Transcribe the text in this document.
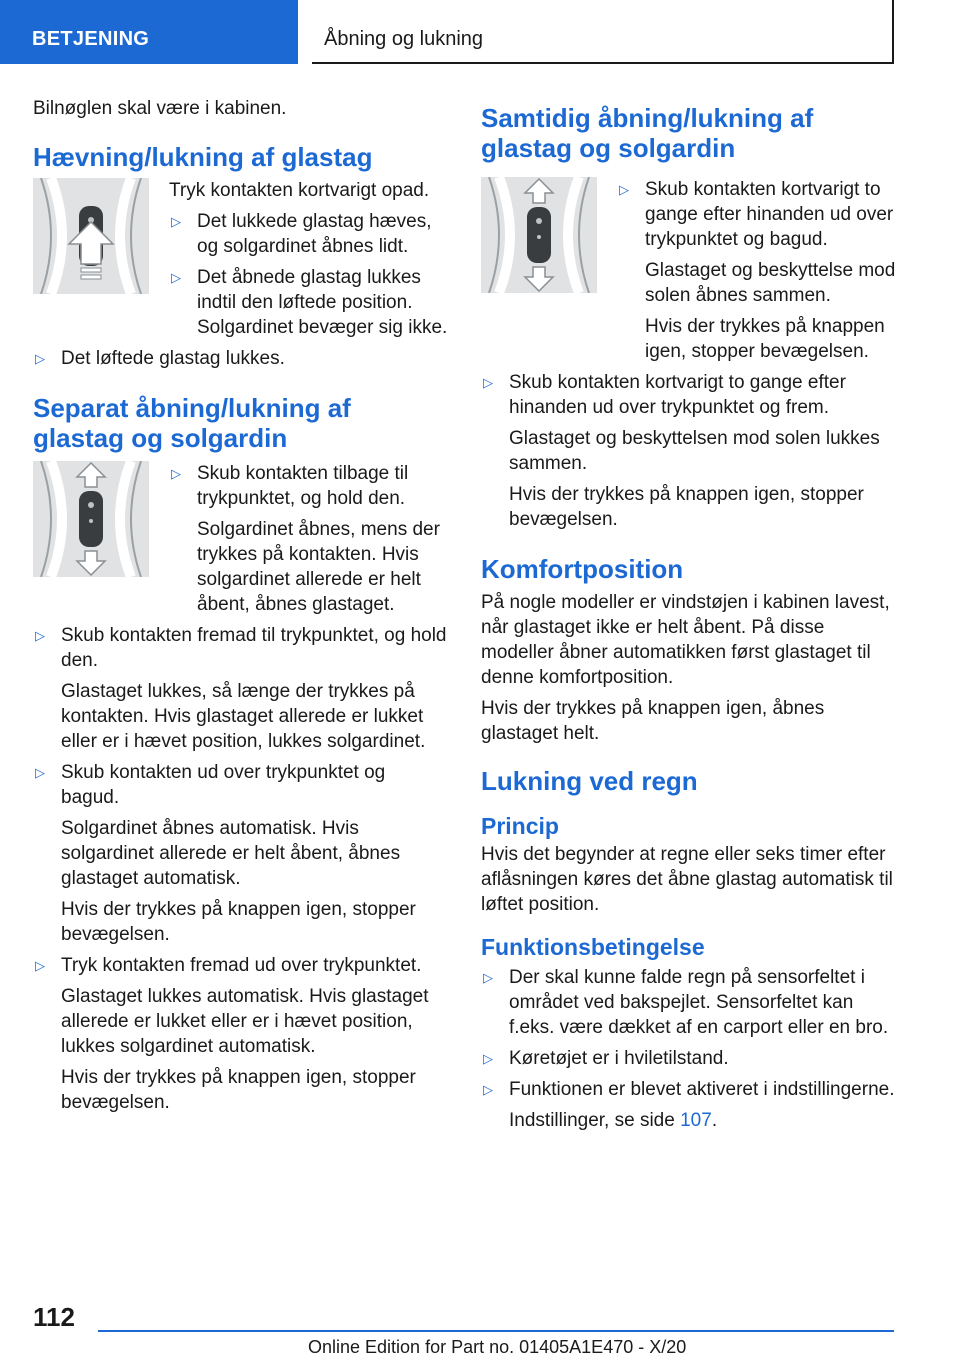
BETJENING	Åbning og lukning

Bilnøglen skal være i kabinen.

Hævning/lukning af glastag

Tryk kontakten kortvarigt opad.

▷ Det lukkede glastag hæves, og solgardinet åbnes lidt.

▷ Det åbnede glastag lukkes indtil den løftede position. Solgardinet bevæger sig ikke.

▷ Det løftede glastag lukkes.

Separat åbning/lukning af glastag og solgardin
▷ Skub kontakten tilbage til trykpunktet, og hold den.

Solgardinet åbnes, mens der trykkes på kontakten. Hvis solgardinet allerede er helt åbent, åbnes glastaget.

▷ Skub kontakten fremad til trykpunktet, og hold den.

Glastaget lukkes, så længe der trykkes på kontakten. Hvis glastaget allerede er lukket eller er i hævet position, lukkes solgardinet.

▷ Skub kontakten ud over trykpunktet og bagud.

Solgardinet åbnes automatisk. Hvis solgardinet allerede er helt åbent, åbnes glastaget automatisk.

Hvis der trykkes på knappen igen, stopper bevægelsen.

▷ Tryk kontakten fremad ud over trykpunktet.

Glastaget lukkes automatisk. Hvis glastaget allerede er lukket eller er i hævet position, lukkes solgardinet automatisk.

Hvis der trykkes på knappen igen, stopper bevægelsen.

Samtidig åbning/lukning af glastag og solgardin
▷ Skub kontakten kortvarigt to gange efter hinanden ud over trykpunktet og bagud.

Glastaget og beskyttelse mod solen åbnes sammen.

Hvis der trykkes på knappen igen, stopper bevægelsen.

▷ Skub kontakten kortvarigt to gange efter hinanden ud over trykpunktet og frem.

Glastaget og beskyttelsen mod solen lukkes sammen.

Hvis der trykkes på knappen igen, stopper bevægelsen.

Komfortposition

På nogle modeller er vindstøjen i kabinen lavest, når glastaget ikke er helt åbent. På disse modeller åbner automatikken først glastaget til denne komfortposition.

Hvis der trykkes på knappen igen, åbnes glastaget helt.

Lukning ved regn
Princip

Hvis det begynder at regne eller seks timer efter aflåsningen køres det åbne glastag automatisk til løftet position.

Funktionsbetingelse
▷ Der skal kunne falde regn på sensorfeltet i området ved bakspejlet. Sensorfeltet kan f.eks. være dækket af en carport eller en bro.

▷ Køretøjet er i hviletilstand.

▷ Funktionen er blevet aktiveret i indstillingerne.

Indstillinger, se side 107.

112
Online Edition for Part no. 01405A1E470 - X/20
